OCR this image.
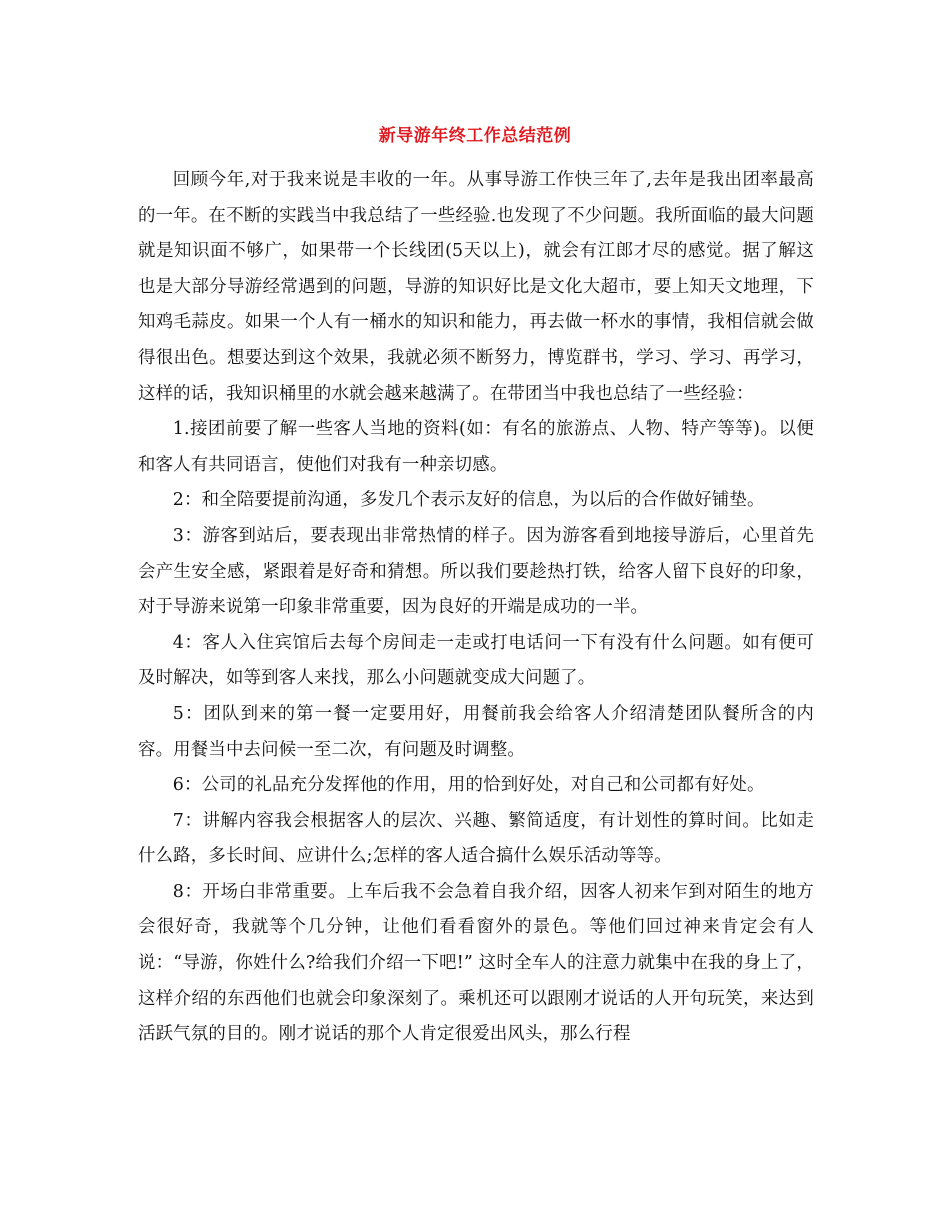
新导游年终工作总结范例

回顾今年,对于我来说是丰收的一年。从事导游工作快三年了,去年是我出团率最高的一年。在不断的实践当中我总结了一些经验.也发现了不少问题。我所面临的最大问题就是知识面不够广，如果带一个长线团(5天以上)，就会有江郎才尽的感觉。据了解这也是大部分导游经常遇到的问题，导游的知识好比是文化大超市，要上知天文地理，下知鸡毛蒜皮。如果一个人有一桶水的知识和能力，再去做一杯水的事情，我相信就会做得很出色。想要达到这个效果，我就必须不断努力，博览群书，学习、学习、再学习，这样的话，我知识桶里的水就会越来越满了。在带团当中我也总结了一些经验：

1.接团前要了解一些客人当地的资料(如：有名的旅游点、人物、特产等等)。以便和客人有共同语言，使他们对我有一种亲切感。

2：和全陪要提前沟通，多发几个表示友好的信息，为以后的合作做好铺垫。

3：游客到站后，要表现出非常热情的样子。因为游客看到地接导游后，心里首先会产生安全感，紧跟着是好奇和猜想。所以我们要趁热打铁，给客人留下良好的印象，对于导游来说第一印象非常重要，因为良好的开端是成功的一半。

4：客人入住宾馆后去每个房间走一走或打电话问一下有没有什么问题。如有便可及时解决，如等到客人来找，那么小问题就变成大问题了。

5：团队到来的第一餐一定要用好，用餐前我会给客人介绍清楚团队餐所含的内容。用餐当中去问候一至二次，有问题及时调整。

6：公司的礼品充分发挥他的作用，用的恰到好处，对自己和公司都有好处。

7：讲解内容我会根据客人的层次、兴趣、繁简适度，有计划性的算时间。比如走什么路，多长时间、应讲什么;怎样的客人适合搞什么娱乐活动等等。

8：开场白非常重要。上车后我不会急着自我介绍，因客人初来乍到对陌生的地方会很好奇，我就等个几分钟，让他们看看窗外的景色。等他们回过神来肯定会有人说：“导游，你姓什么?给我们介绍一下吧!” 这时全车人的注意力就集中在我的身上了，这样介绍的东西他们也就会印象深刻了。乘机还可以跟刚才说话的人开句玩笑，来达到活跃气氛的目的。刚才说话的那个人肯定很爱出风头，那么行程
